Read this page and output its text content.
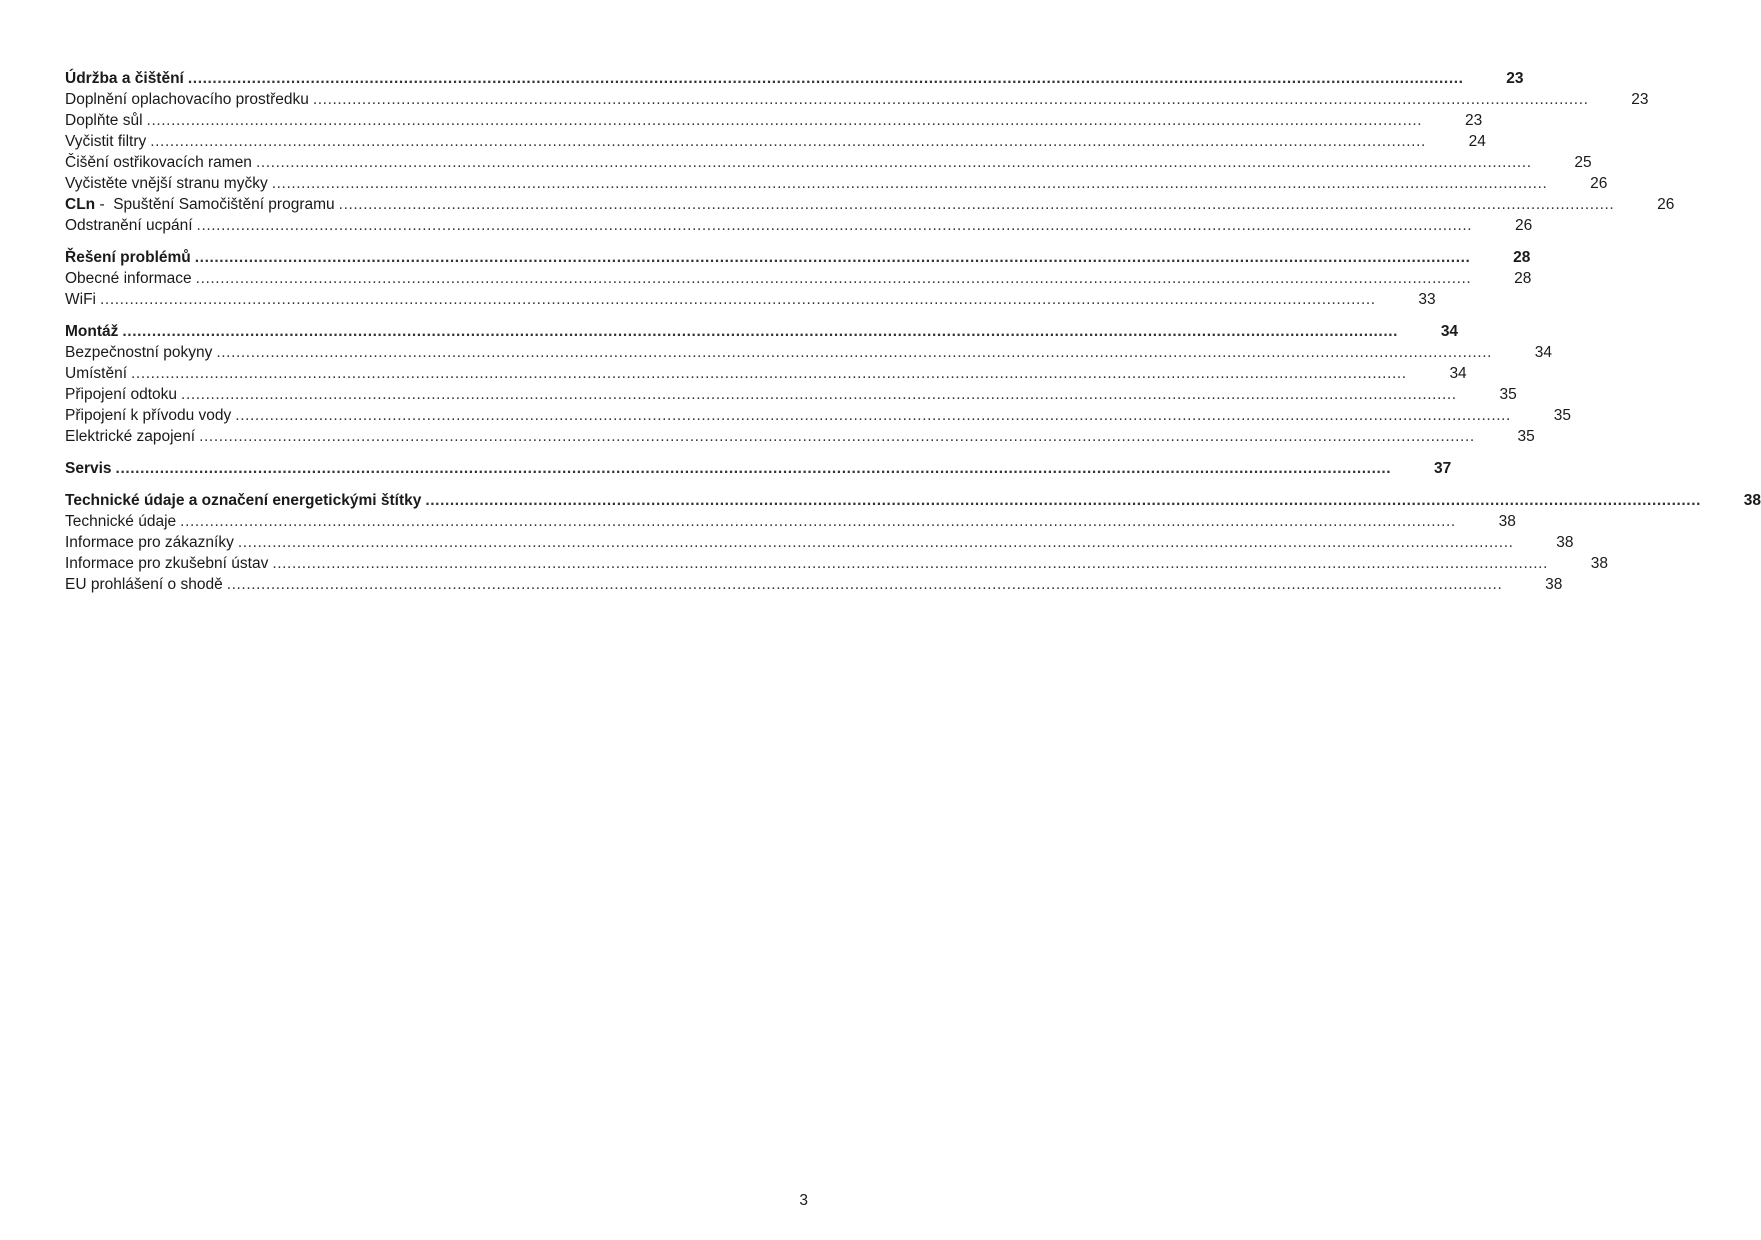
Údržba a čištění ....................................................................................................................................................................................................................................................................	23
Doplnění oplachovacího prostředku ....................................................................................................................................................................................................................................................................	23
Doplňte sůl ....................................................................................................................................................................................................................................................................	23
Vyčistit filtry ....................................................................................................................................................................................................................................................................	24
Čišění ostřikovacích ramen ....................................................................................................................................................................................................................................................................	25
Vyčistěte vnější stranu myčky ....................................................................................................................................................................................................................................................................	26
CLn -  Spuštění Samočištění programu ....................................................................................................................................................................................................................................................................	26
Odstranění ucpání ....................................................................................................................................................................................................................................................................	26
Řešení problémů ....................................................................................................................................................................................................................................................................	28
Obecné informace ....................................................................................................................................................................................................................................................................	28
WiFi ....................................................................................................................................................................................................................................................................	33
Montáž ....................................................................................................................................................................................................................................................................	34
Bezpečnostní pokyny ....................................................................................................................................................................................................................................................................	34
Umístění ....................................................................................................................................................................................................................................................................	34
Připojení odtoku ....................................................................................................................................................................................................................................................................	35
Připojení k přívodu vody ....................................................................................................................................................................................................................................................................	35
Elektrické zapojení ....................................................................................................................................................................................................................................................................	35
Servis ....................................................................................................................................................................................................................................................................	37
Technické údaje a označení energetickými štítky ....................................................................................................................................................................................................................................................................	38
Technické údaje ....................................................................................................................................................................................................................................................................	38
Informace pro zákazníky ....................................................................................................................................................................................................................................................................	38
Informace pro zkušební ústav ....................................................................................................................................................................................................................................................................	38
EU prohlášení o shodě ....................................................................................................................................................................................................................................................................	38
3
